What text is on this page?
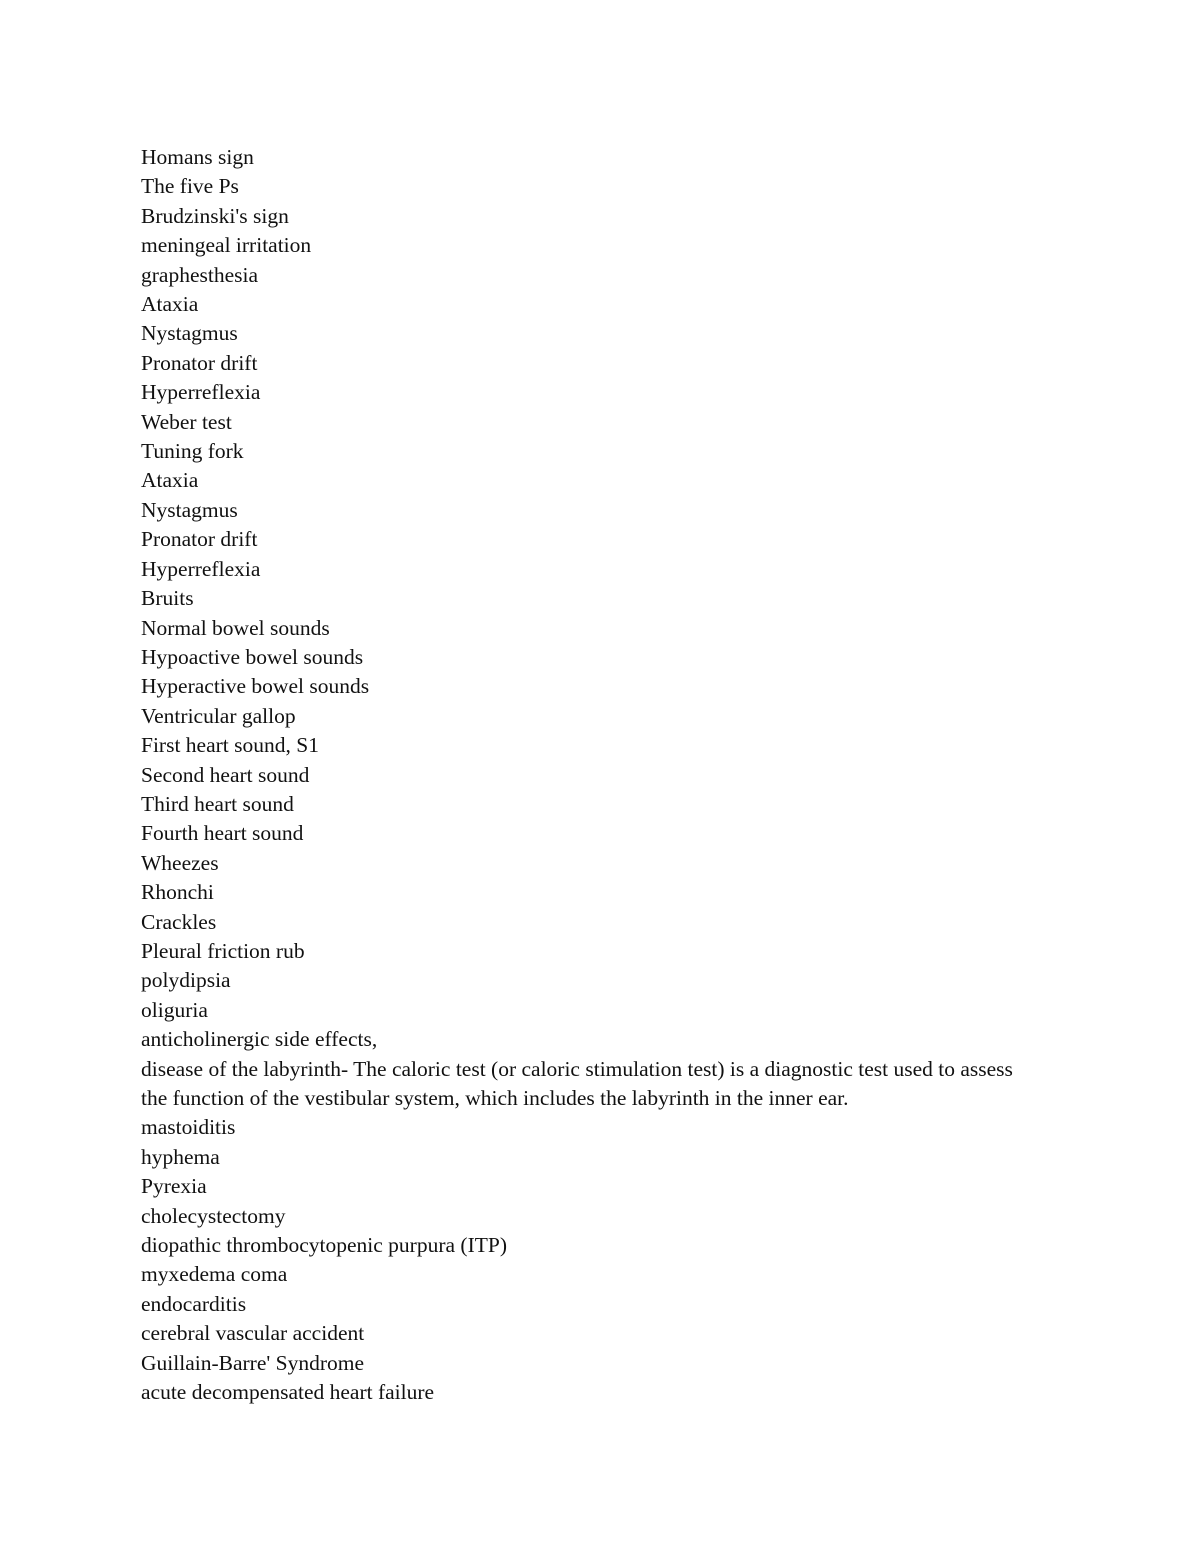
Homans sign
The five Ps
Brudzinski's sign
meningeal irritation
graphesthesia
Ataxia
Nystagmus
Pronator drift
Hyperreflexia
Weber test
Tuning fork
Ataxia
Nystagmus
Pronator drift
Hyperreflexia
Bruits
Normal bowel sounds
Hypoactive bowel sounds
Hyperactive bowel sounds
Ventricular gallop
First heart sound, S1
Second heart sound
Third heart sound
Fourth heart sound
Wheezes
Rhonchi
Crackles
Pleural friction rub
polydipsia
oliguria
anticholinergic side effects,
disease of the labyrinth- The caloric test (or caloric stimulation test) is a diagnostic test used to assess the function of the vestibular system, which includes the labyrinth in the inner ear.
mastoiditis
hyphema
Pyrexia
cholecystectomy
diopathic thrombocytopenic purpura (ITP)
myxedema coma
endocarditis
cerebral vascular accident
Guillain-Barre' Syndrome
acute decompensated heart failure
